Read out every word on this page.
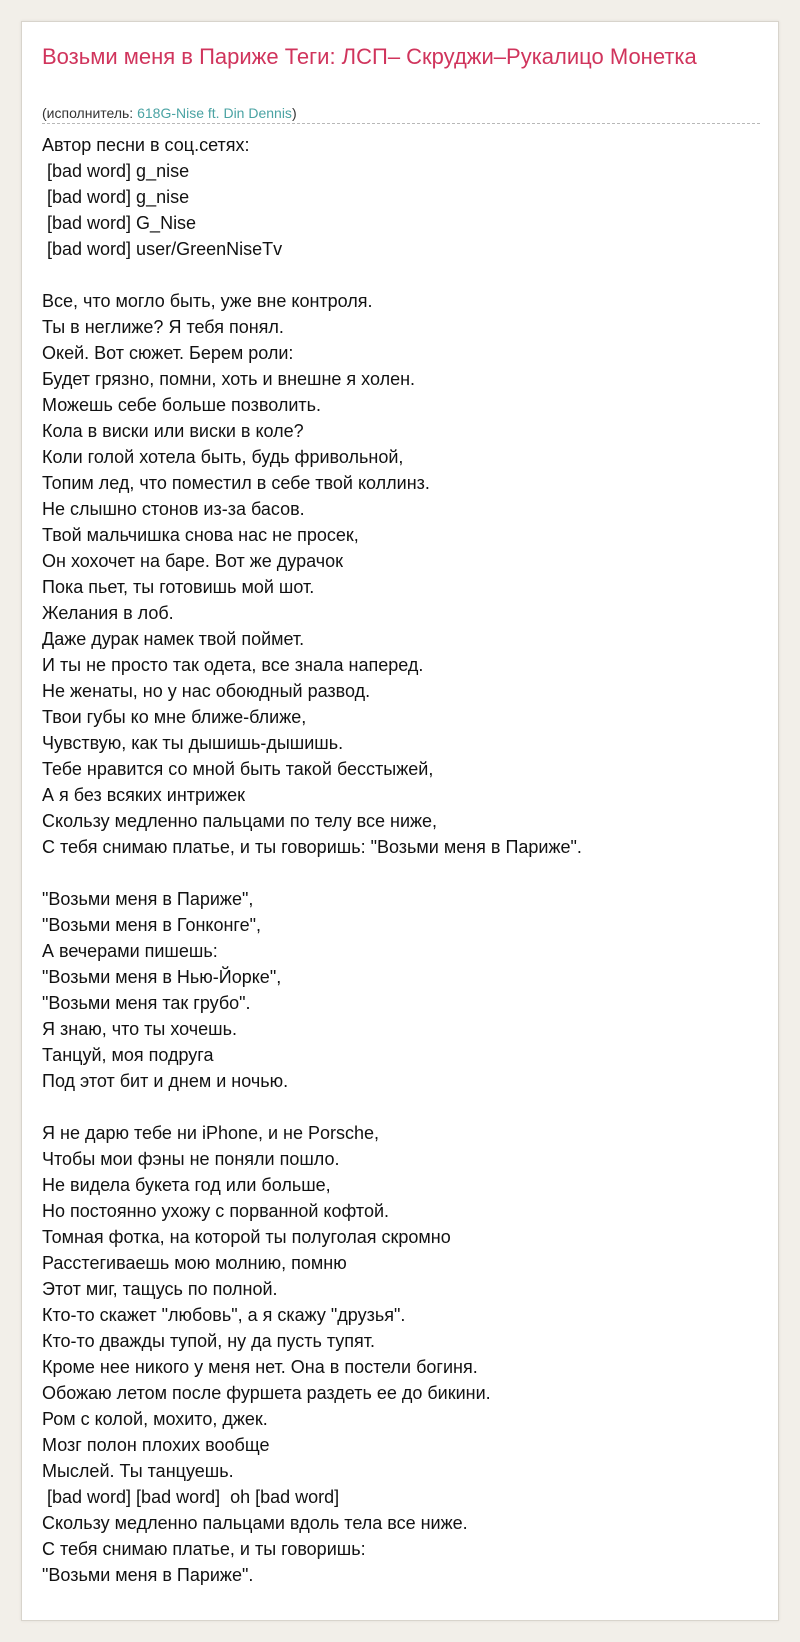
Возьми меня в Париже Теги: ЛСП– Скруджи–Рукалицо Монетка
(исполнитель: 618G-Nise ft. Din Dennis)
Автор песни в соц.сетях:
[bad word] g_nise
[bad word] g_nise
[bad word] G_Nise
[bad word] user/GreenNiseTv
Все, что могло быть, уже вне контроля.
Ты в неглиже? Я тебя понял.
Окей. Вот сюжет. Берем роли:
Будет грязно, помни, хоть и внешне я холен.
Можешь себе больше позволить.
Кола в виски или виски в коле?
Коли голой хотела быть, будь фривольной,
Топим лед, что поместил в себе твой коллинз.
Не слышно стонов из-за басов.
Твой мальчишка снова нас не просек,
Он хохочет на баре. Вот же дурачок
Пока пьет, ты готовишь мой шот.
Желания в лоб.
Даже дурак намек твой поймет.
И ты не просто так одета, все знала наперед.
Не женаты, но у нас обоюдный развод.
Твои губы ко мне ближе-ближе,
Чувствую, как ты дышишь-дышишь.
Тебе нравится со мной быть такой бесстыжей,
А я без всяких интрижек
Скользу медленно пальцами по телу все ниже,
С тебя снимаю платье, и ты говоришь: "Возьми меня в Париже".
"Возьми меня в Париже",
"Возьми меня в Гонконге",
А вечерами пишешь:
"Возьми меня в Нью-Йорке",
"Возьми меня так грубо".
Я знаю, что ты хочешь.
Танцуй, моя подруга
Под этот бит и днем и ночью.
Я не дарю тебе ни iPhone, и не Porsche,
Чтобы мои фэны не поняли пошло.
Не видела букета год или больше,
Но постоянно ухожу с порванной кофтой.
Томная фотка, на которой ты полуголая скромно
Расстегиваешь мою молнию, помню
Этот миг, тащусь по полной.
Кто-то скажет "любовь", а я скажу "друзья".
Кто-то дважды тупой, ну да пусть тупят.
Кроме нее никого у меня нет. Она в постели богиня.
Обожаю летом после фуршета раздеть ее до бикини.
Ром с колой, мохито, джек.
Мозг полон плохих вообще
Мыслей. Ты танцуешь.
[bad word] [bad word]  oh [bad word]
Скользу медленно пальцами вдоль тела все ниже.
С тебя снимаю платье, и ты говоришь:
"Возьми меня в Париже".
